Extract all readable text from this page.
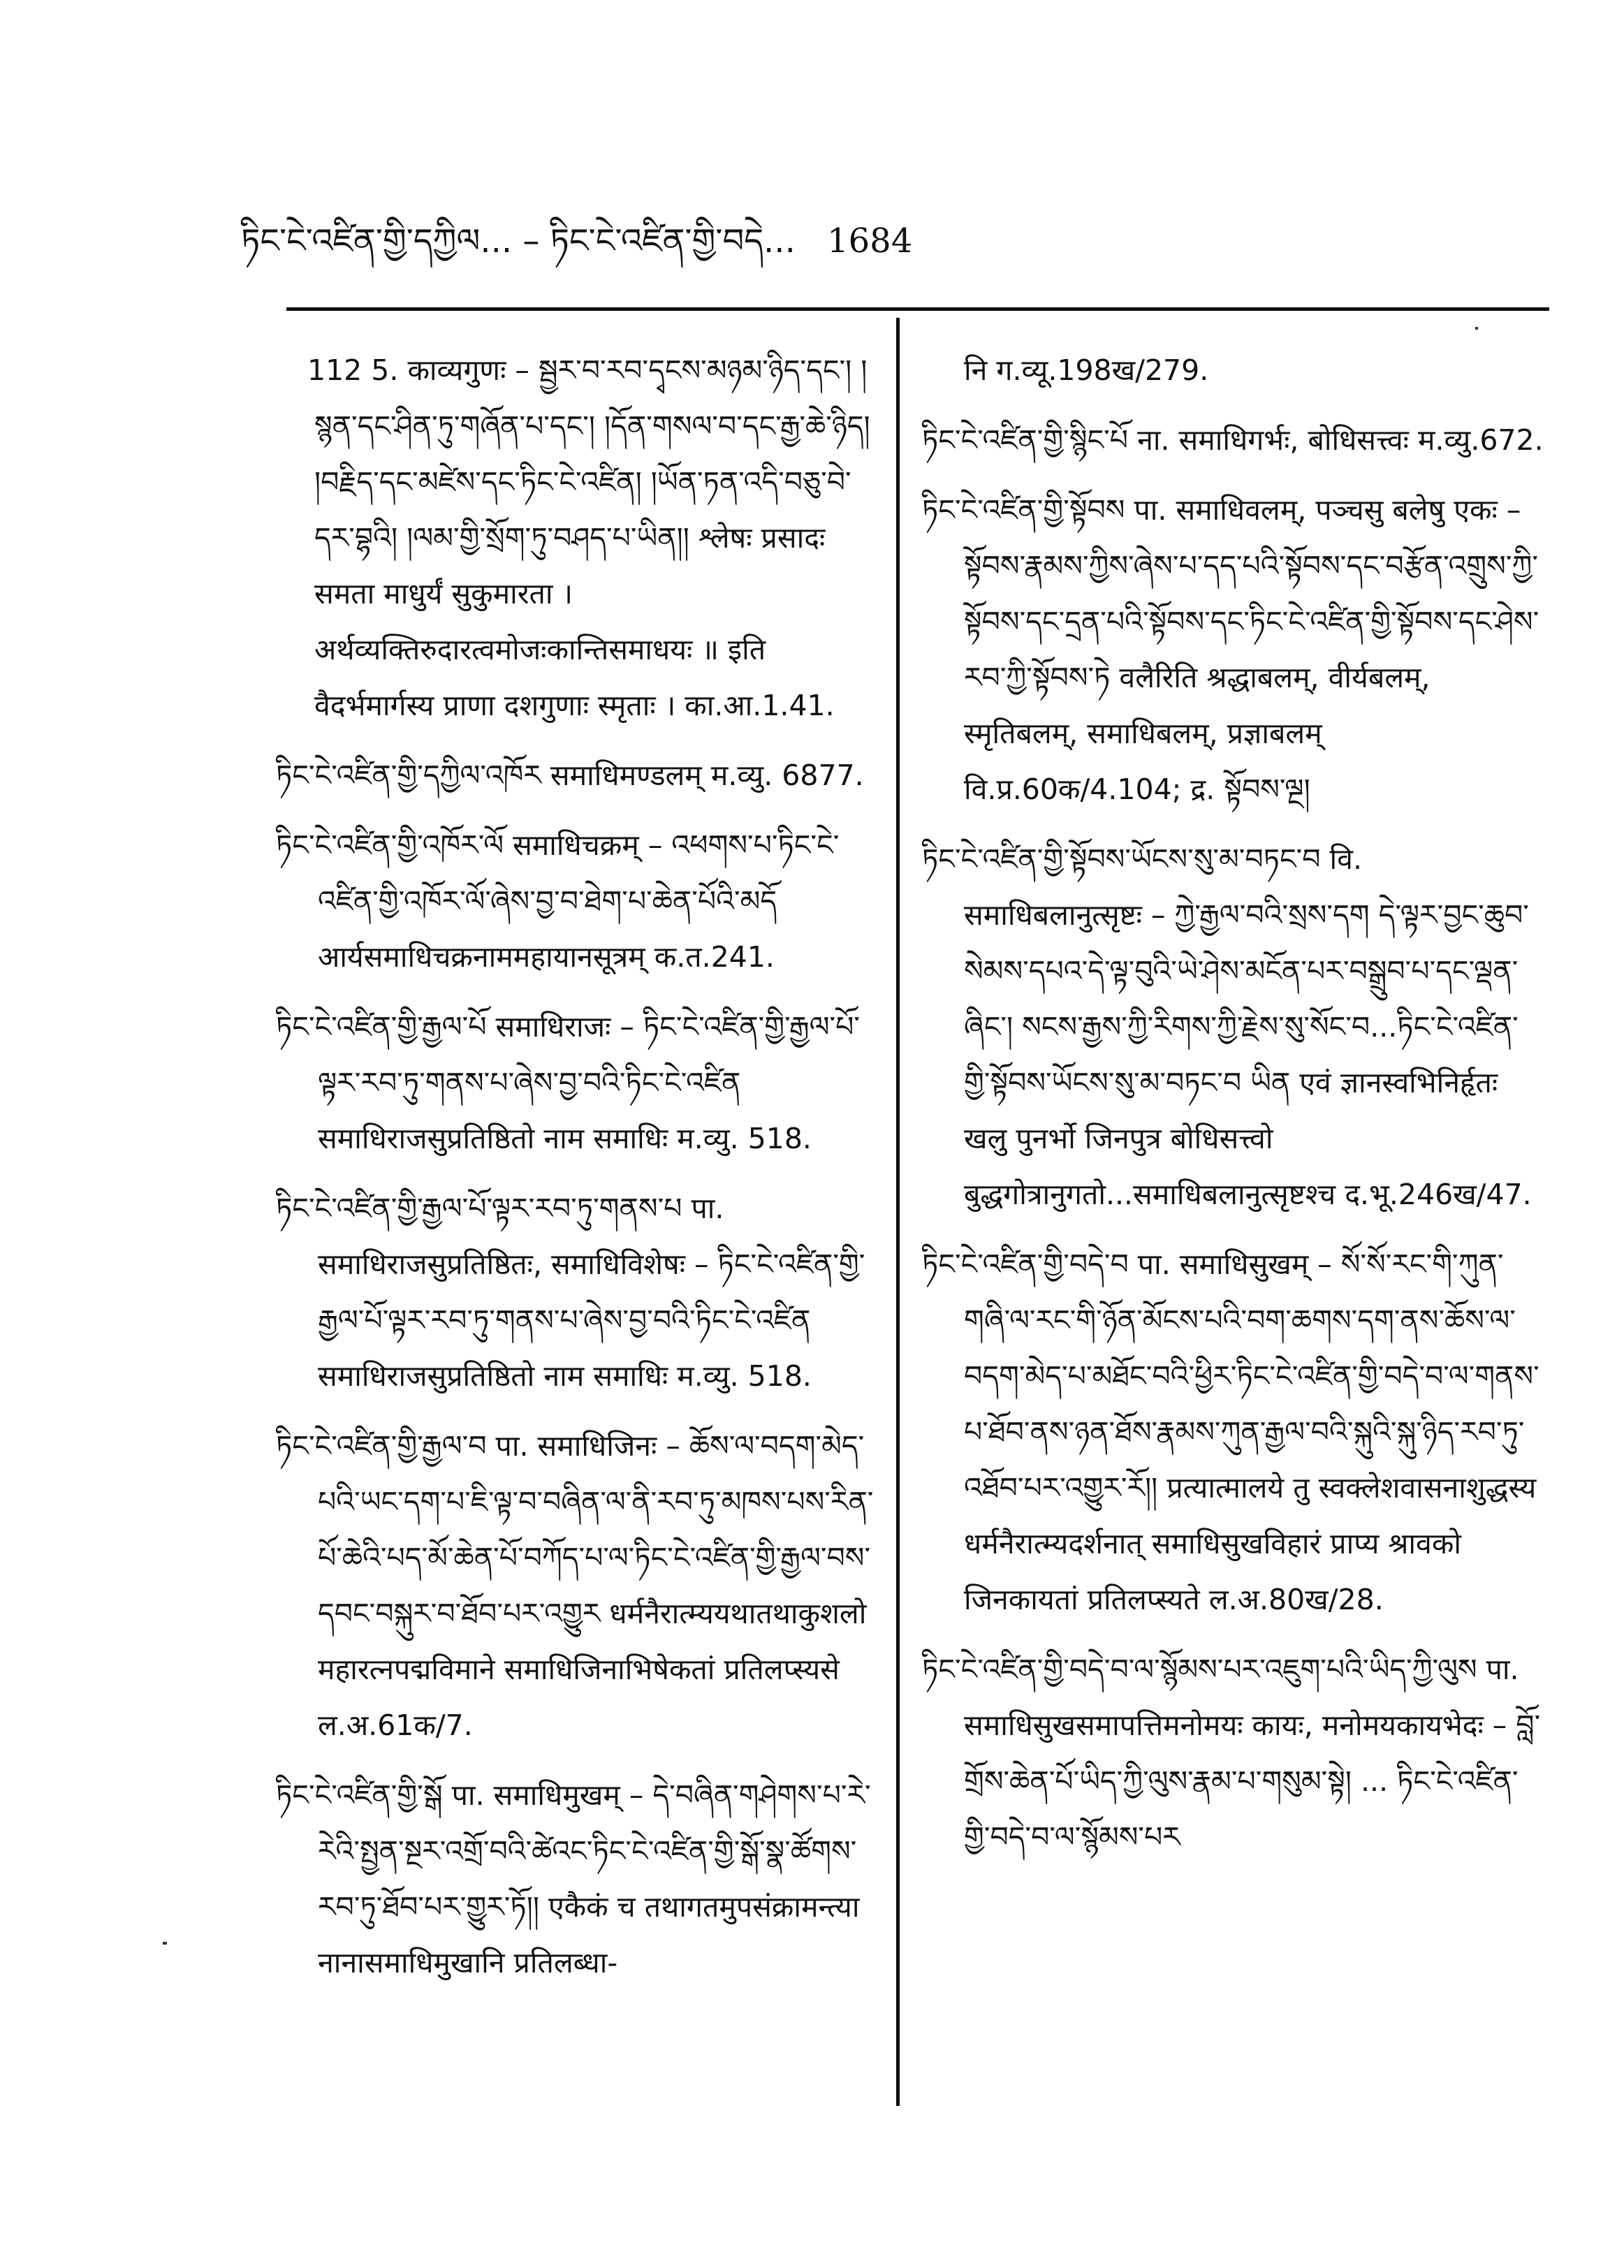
ཏིང་ངེ་འཛིན་གྱི་དཀྱིལ... – ཏིང་ངེ་འཛིན་གྱི་བདེ... 1684
112 5. काव्यगुणः – སྦྱར་བ་རབ་དྭངས་མཉམ་ཉིད་དང་། །སྙན་དང་ཤིན་ཏུ་གཞོན་པ་དང་། །དོན་གསལ་བ་དང་རྒྱ་ཆེ་ཉིད། །བརྗིད་དང་མཛེས་དང་ཏིང་ངེ་འཛིན། །ཡོན་ཏན་འདི་བཅུ་བེ་དར་བྷའི། །ལམ་གྱི་སྲོག་ཏུ་བཤད་པ་ཡིན།། श्लेषः प्रसादः समता माधुर्यं सुकुमारता । अर्थव्यक्तिरुदारत्वमोजःकान्तिसमाधयः ॥ इति वैदर्भमार्गस्य प्राणा दशगुणाः स्मृताः । का.आ.1.41.
ཏིང་ངེ་འཛིན་གྱི་དཀྱིལ་འཁོར समाधिमण्डलम् म.व्यु. 6877.
ཏིང་ངེ་འཛིན་གྱི་འཁོར་ལོ समाधिचक्रम् – འཕགས་པ་ཏིང་ངེ་འཛིན་གྱི་འཁོར་ལོ་ཞེས་བྱ་བ་ཐེག་པ་ཆེན་པོའི་མདོ आर्यसमाधिचक्रनाममहायानसूत्रम् क.त.241.
ཏིང་ངེ་འཛིན་གྱི་རྒྱལ་པོ समाधिराजः – ཏིང་ངེ་འཛིན་གྱི་རྒྱལ་པོ་ལྟར་རབ་ཏུ་གནས་པ་ཞེས་བྱ་བའི་ཏིང་ངེ་འཛིན समाधिराजसुप्रतिष्ठितो नाम समाधिः म.व्यु. 518.
ཏིང་ངེ་འཛིན་གྱི་རྒྱལ་པོ་ལྟར་རབ་ཏུ་གནས་པ पा. समाधिराजसुप्रतिष्ठितः, समाधिविशेषः – ཏིང་ངེ་འཛིན་གྱི་རྒྱལ་པོ་ལྟར་རབ་ཏུ་གནས་པ་ཞེས་བྱ་བའི་ཏིང་ངེ་འཛིན समाधिराजसुप्रतिष्ठितो नाम समाधिः म.व्यु. 518.
ཏིང་ངེ་འཛིན་གྱི་རྒྱལ་བ पा. समाधिजिनः – ཆོས་ལ་བདག་མེད་པའི་ཡང་དག་པ་ཇི་ལྟ་བ་བཞིན་ལ་ནི་རབ་ཏུ་མཁས་པས་རིན་པོ་ཆེའི་པད་མོ་ཆེན་པོ་བཀོད་པ་ལ་ཏིང་ངེ་འཛིན་གྱི་རྒྱལ་བས་དབང་བསྐུར་བ་ཐོབ་པར་འགྱུར धर्मनैरात्म्ययथातथाकुशलो महारत्नपद्मविमाने समाधिजिनाभिषेकतां प्रतिलप्स्यसे ल.अ.61क/7.
ཏིང་ངེ་འཛིན་གྱི་སྒོ पा. समाधिमुखम् – དེ་བཞིན་གཤེགས་པ་རེ་རེའི་སྤྱན་སྔར་འགྲོ་བའི་ཚེའང་ཏིང་ངེ་འཛིན་གྱི་སྒོ་སྣ་ཚོགས་རབ་ཏུ་ཐོབ་པར་གྱུར་ཏོ།། एकैकं च तथागतमुपसंक्रामन्त्या नानासमाधिमुखानि प्रतिलब्धा-
नि ग.व्यू.198ख/279.
ཏིང་ངེ་འཛིན་གྱི་སྙིང་པོ ना. समाधिगर्भः, बोधिसत्त्वः म.व्यु.672.
ཏིང་ངེ་འཛིན་གྱི་སྟོབས पा. समाधिवलम्, पञ्चसु बलेषु एकः – སྟོབས་རྣམས་ཀྱིས་ཞེས་པ་དད་པའི་སྟོབས་དང་བརྩོན་འགྲུས་ཀྱི་སྟོབས་དང་དྲན་པའི་སྟོབས་དང་ཏིང་ངེ་འཛིན་གྱི་སྟོབས་དང་ཤེས་རབ་ཀྱི་སྟོབས་ཏེ वलैरिति श्रद्धाबलम्, वीर्यबलम्, स्मृतिबलम्, समाधिबलम्, प्रज्ञाबलम् वि.प्र.60क/4.104; द्र. སྟོབས་ལྔ།
ཏིང་ངེ་འཛིན་གྱི་སྟོབས་ཡོངས་སུ་མ་བཏང་བ वि. समाधिबलानुत्सृष्टः – ཀྱེ་རྒྱལ་བའི་སྲས་དག དེ་ལྟར་བྱང་ཆུབ་སེམས་དཔའ་དེ་ལྟ་བུའི་ཡེ་ཤེས་མངོན་པར་བསྒྲུབ་པ་དང་ལྡན་ཞིང་། སངས་རྒྱས་ཀྱི་རིགས་ཀྱི་རྗེས་སུ་སོང་བ...ཏིང་ངེ་འཛིན་གྱི་སྟོབས་ཡོངས་སུ་མ་བཏང་བ ཡིན एवं ज्ञानस्वभिनिर्हृतः खलु पुनर्भो जिनपुत्र बोधिसत्त्वो बुद्धगोत्रानुगतो...समाधिबलानुत्सृष्टश्च द.भू.246ख/47.
ཏིང་ངེ་འཛིན་གྱི་བདེ་བ पा. समाधिसुखम् – སོ་སོ་རང་གི་ཀུན་གཞི་ལ་རང་གི་ཉོན་མོངས་པའི་བག་ཆགས་དག་ནས་ཆོས་ལ་བདག་མེད་པ་མཐོང་བའི་ཕྱིར་ཏིང་ངེ་འཛིན་གྱི་བདེ་བ་ལ་གནས་པ་ཐོབ་ནས་ཉན་ཐོས་རྣམས་ཀུན་རྒྱལ་བའི་སྐུའི་སྐུ་ཉིད་རབ་ཏུ་འཐོབ་པར་འགྱུར་རོ།། प्रत्यात्मालये तु स्वक्लेशवासनाशुद्धस्य धर्मनैरात्म्यदर्शनात् समाधिसुखविहारं प्राप्य श्रावको जिनकायतां प्रतिलप्स्यते ल.अ.80ख/28.
ཏིང་ངེ་འཛིན་གྱི་བདེ་བ་ལ་སྙོམས་པར་འཇུག་པའི་ཡིད་ཀྱི་ལུས पा. समाधिसुखसमापत्तिमनोमयः कायः, मनोमयकायभेदः – བློ་གྲོས་ཆེན་པོ་ཡིད་ཀྱི་ལུས་རྣམ་པ་གསུམ་སྟེ། ... ཏིང་ངེ་འཛིན་གྱི་བདེ་བ་ལ་སྙོམས་པར
